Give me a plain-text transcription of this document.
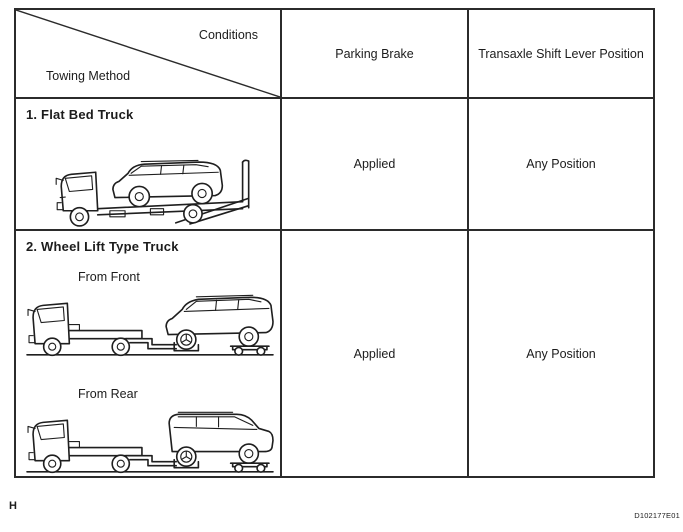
Conditions
Towing Method
Parking Brake	Transaxle Shift Lever Position
1. Flat Bed Truck
Applied	Any Position
2. Wheel Lift Type Truck
From Front
From Rear
Applied	Any Position
H
D102177E01
